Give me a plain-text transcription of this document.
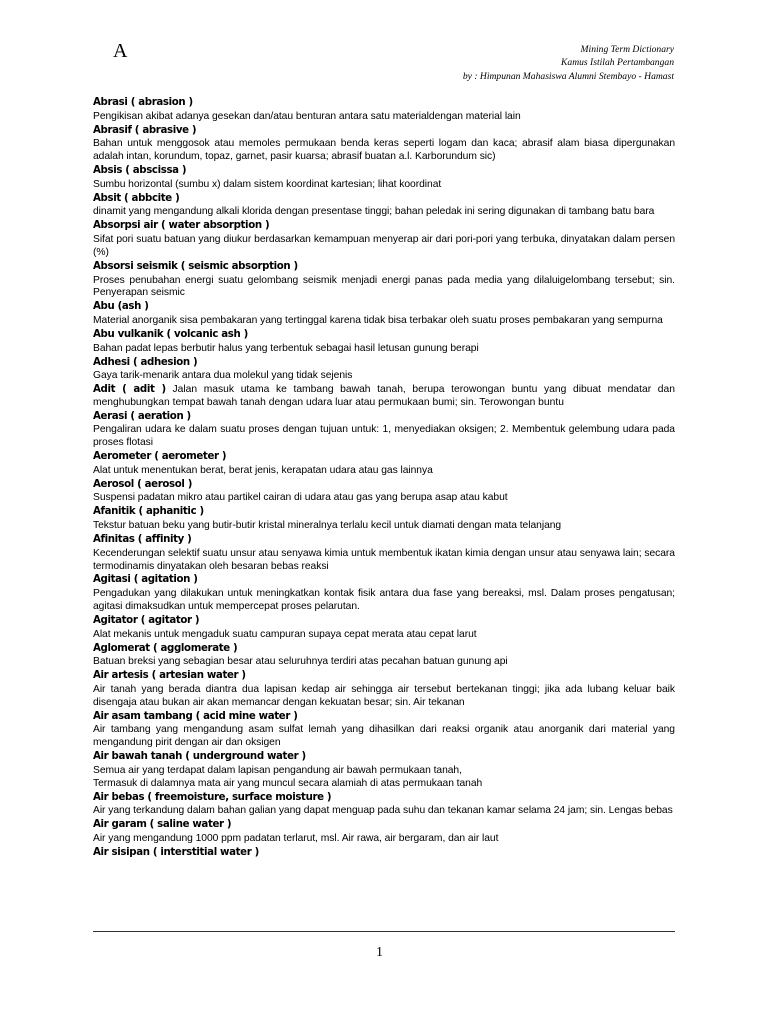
A	Mining Term Dictionary
Kamus Istilah Pertambangan
by : Himpunan Mahasiswa Alumni Stembayo - Hamast
Abrasi ( abrasion )
Pengikisan akibat adanya gesekan dan/atau benturan antara satu materialdengan material lain
Abrasif ( abrasive )
Bahan untuk menggosok atau memoles permukaan benda keras seperti logam dan kaca; abrasif alam biasa dipergunakan adalah intan, korundum, topaz, garnet, pasir kuarsa; abrasif buatan a.l. Karborundum sic)
Absis ( abscissa )
Sumbu horizontal (sumbu x) dalam sistem koordinat kartesian; lihat koordinat
Absit ( abbcite )
dinamit yang mengandung alkali klorida dengan presentase tinggi; bahan peledak ini sering digunakan di tambang batu bara
Absorpsi air ( water absorption )
Sifat pori suatu batuan yang diukur berdasarkan kemampuan menyerap air dari pori-pori yang terbuka, dinyatakan dalam persen (%)
Absorsi seismik ( seismic absorption )
Proses penubahan energi suatu gelombang seismik menjadi energi panas pada media yang dilaluigelombang tersebut; sin. Penyerapan seismic
Abu (ash )
Material anorganik sisa pembakaran yang tertinggal karena tidak bisa terbakar oleh suatu proses pembakaran yang sempurna
Abu vulkanik ( volcanic ash )
Bahan padat lepas berbutir halus yang terbentuk sebagai hasil letusan gunung berapi
Adhesi ( adhesion )
Gaya tarik-menarik antara dua molekul yang tidak sejenis
Adit ( adit ) Jalan masuk utama ke tambang bawah tanah, berupa terowongan buntu yang dibuat mendatar dan menghubungkan tempat bawah tanah dengan udara luar atau permukaan bumi; sin. Terowongan buntu
Aerasi ( aeration )
Pengaliran udara ke dalam suatu proses dengan tujuan untuk: 1, menyediakan oksigen; 2. Membentuk gelembung udara pada proses flotasi
Aerometer ( aerometer )
Alat untuk menentukan berat, berat jenis, kerapatan udara atau gas lainnya
Aerosol ( aerosol )
Suspensi padatan mikro atau partikel cairan di udara atau gas yang berupa asap atau kabut
Afanitik ( aphanitic )
Tekstur batuan beku yang butir-butir kristal mineralnya terlalu kecil untuk diamati dengan mata telanjang
Afinitas ( affinity )
Kecenderungan selektif suatu unsur atau senyawa kimia untuk membentuk ikatan kimia dengan unsur atau senyawa lain; secara termodinamis dinyatakan oleh besaran bebas reaksi
Agitasi ( agitation )
Pengadukan yang dilakukan untuk meningkatkan kontak fisik antara dua fase yang bereaksi, msl. Dalam proses pengatusan; agitasi dimaksudkan untuk mempercepat proses pelarutan.
Agitator ( agitator )
Alat mekanis untuk mengaduk suatu campuran supaya cepat merata atau cepat larut
Aglomerat ( agglomerate )
Batuan breksi yang sebagian besar atau seluruhnya terdiri atas pecahan batuan gunung api
Air artesis ( artesian water )
Air tanah yang berada diantra dua lapisan kedap air sehingga air tersebut bertekanan tinggi; jika ada lubang keluar baik disengaja atau bukan air akan memancar dengan kekuatan besar; sin. Air tekanan
Air asam tambang ( acid mine water )
Air tambang yang mengandung asam sulfat lemah yang dihasilkan dari reaksi organik atau anorganik dari material yang mengandung pirit dengan air dan oksigen
Air bawah tanah ( underground water )
Semua air yang terdapat dalam lapisan pengandung air bawah permukaan tanah,
Termasuk di dalamnya mata air yang muncul secara alamiah di atas permukaan tanah
Air bebas ( freemoisture, surface moisture )
Air yang terkandung dalam bahan galian yang dapat menguap pada suhu dan tekanan kamar selama 24 jam; sin. Lengas bebas
Air garam ( saline water )
Air yang mengandung 1000 ppm padatan terlarut, msl. Air rawa, air bergaram, dan air laut
Air sisipan ( interstitial water )
1
